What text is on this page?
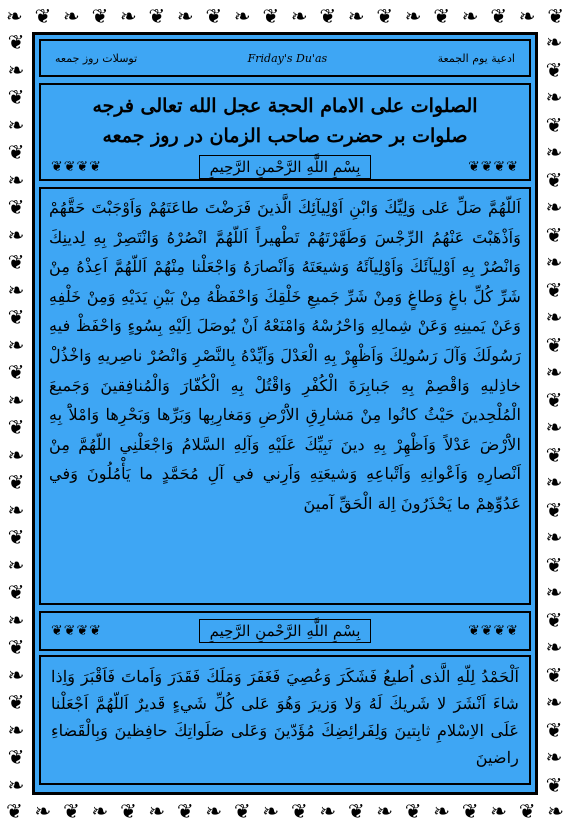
❧ ❦ ❧ ❦ ❧ ❦ ❧ ❦ ❧ ❦ ❧ ❦ ❧ ❦ ❧ ❦ ❧ ❦ ❧ ❦
❦ ❧ ❦ ❧ ❦ ❧ ❦ ❧ ❦ ❧ ❦ ❧ ❦ ❧ ❦ ❧ ❦ ❧ ❦ ❧
❦
❧
❦
❧
❦
❧
❦
❧
❦
❧
❦
❧
❦
❧
❦
❧
❦
❧
❦
❧
❦
❧
❦
❧
❦
❧
❦
❧
❧
❦
❧
❦
❧
❦
❧
❦
❧
❦
❧
❦
❧
❦
❧
❦
❧
❦
❧
❦
❧
❦
❧
❦
❧
❦
❧
❦
توسلات روز جمعه	Friday's Du'as	ادعیة یوم الجمعة
الصلوات على الامام الحجة عجل الله تعالى فرجه
صلوات بر حضرت صاحب الزمان در روز جمعه
❦❦❦❦	بِسْمِ اللَّهِ الرَّحْمنِ الرَّحِيمِ	❦❦❦❦

اَللّهُمَّ صَلِّ عَلى وَلِيِّكَ وَابْنِ اَوْلِيآئِكَ الَّذينَ فَرَضْتَ طاعَتَهُمْ وَاَوْجَبْتَ حَقَّهُمْ وَاَذْهَبْتَ عَنْهُمُ الرِّجْسَ وَطَهَّرْتَهُمْ تَطْهيراً اَللّهُمَّ انْصُرْهُ وَانْتَصِرْ بِهِ لِدينِكَ وَانْصُرْ بِهِ اَوْلِيآئَكَ وَاَوْلِيآئَهُ وَشيعَتَهُ وَاَنْصارَهُ وَاجْعَلْنا مِنْهُمْ اَللّهُمَّ اَعِذْهُ مِنْ شَرِّ كُلِّ باغٍ وَطاغٍ وَمِنْ شَرِّ جَميعِ خَلْقِكَ وَاحْفَظْهُ مِنْ بَيْنِ يَدَيْهِ وَمِنْ خَلْفِهِ وَعَنْ يَمينِهِ وَعَنْ شِمالِهِ وَاحْرُسْهُ وَامْنَعْهُ اَنْ يُوصَلَ اِلَيْهِ بِسُوءٍ وَاحْفَظْ فيهِ رَسُولَكَ وَآلَ رَسُولِكَ وَاَظْهِرْ بِهِ الْعَدْلَ وَاَيِّدْهُ بِالنَّصْرِ وَانْصُرْ ناصِريهِ وَاخْذُلْ خاذِليهِ وَاقْصِمْ بِهِ جَبابِرَةَ الْكُفْرِ وَاقْتُلْ بِهِ الْكُفّارَ وَالْمُنافِقينَ وَجَميعَ الْمُلْحِدينَ حَيْثُ كانُوا مِنْ مَشارِقِ الاَْرْضِ وَمَغارِبِها وَبَرِّها وَبَحْرِها وَامْلاَْ بِهِ الاَْرْضَ عَدْلاً وَاَظْهِرْ بِهِ دينَ نَبِيِّكَ عَلَيْهِ وَآلِهِ السَّلامُ وَاجْعَلْنِي اللّهُمَّ مِنْ اَنْصارِهِ وَاَعْوانِهِ وَاَتْباعِهِ وَشيعَتِهِ وَاَرِني في آلِ مُحَمَّدٍ ما يَأْمُلُونَ وَفي عَدُوِّهِمْ ما يَحْذَرُونَ اِلهَ الْحَقِّ آمينَ

❦❦❦❦	بِسْمِ اللَّهِ الرَّحْمنِ الرَّحِيمِ	❦❦❦❦

اَلْحَمْدُ لِلّهِ الَّذى اُطيعُ فَشَكَرَ وَعُصِيَ فَغَفَرَ وَمَلَكَ فَقَدَرَ وَاَماتَ فَاَقْبَرَ وَاِذا شاءَ اَنْشَرَ لا شَريكَ لَهُ وَلا وَزيرَ وَهُوَ عَلى كُلِّ شَيءٍ قَديرٌ اَللّهُمَّ اَجْعَلْنا عَلَى الاِسْلامِ ثابِتينَ وَلِفَرائِضِكَ مُؤَدّينَ وَعَلى صَلَواتِكَ حافِظينَ وَبِالْقَضاءِ راضينَ
